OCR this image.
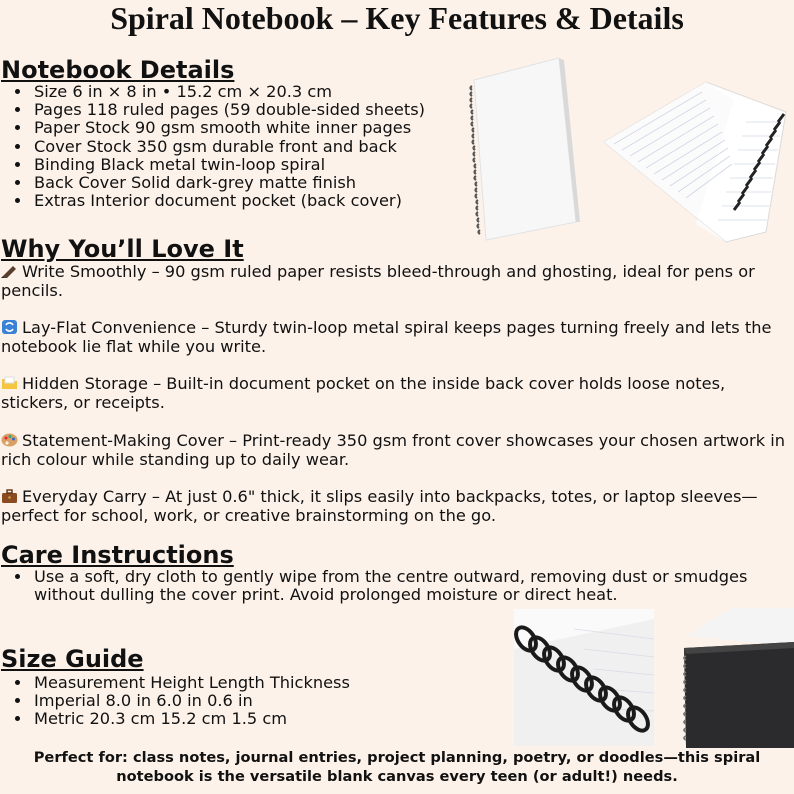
Spiral Notebook – Key Features & Details
Notebook Details
• Size 6 in × 8 in • 15.2 cm × 20.3 cm
• Pages 118 ruled pages (59 double-sided sheets)
• Paper Stock 90 gsm smooth white inner pages
• Cover Stock 350 gsm durable front and back
• Binding Black metal twin-loop spiral
• Back Cover Solid dark-grey matte finish
• Extras Interior document pocket (back cover)
Why You’ll Love It

Write Smoothly – 90 gsm ruled paper resists bleed-through and ghosting, ideal for pens or pencils.

Lay-Flat Convenience – Sturdy twin-loop metal spiral keeps pages turning freely and lets the notebook lie flat while you write.

Hidden Storage – Built-in document pocket on the inside back cover holds loose notes, stickers, or receipts.

Statement-Making Cover – Print-ready 350 gsm front cover showcases your chosen artwork in rich colour while standing up to daily wear.

Everyday Carry – At just 0.6" thick, it slips easily into backpacks, totes, or laptop sleeves—perfect for school, work, or creative brainstorming on the go.

Care Instructions
• Use a soft, dry cloth to gently wipe from the centre outward, removing dust or smudges without dulling the cover print. Avoid prolonged moisture or direct heat.
Size Guide
• Measurement Height Length Thickness
• Imperial 8.0 in 6.0 in 0.6 in
• Metric 20.3 cm 15.2 cm 1.5 cm

Perfect for: class notes, journal entries, project planning, poetry, or doodles—this spiral notebook is the versatile blank canvas every teen (or adult!) needs.
